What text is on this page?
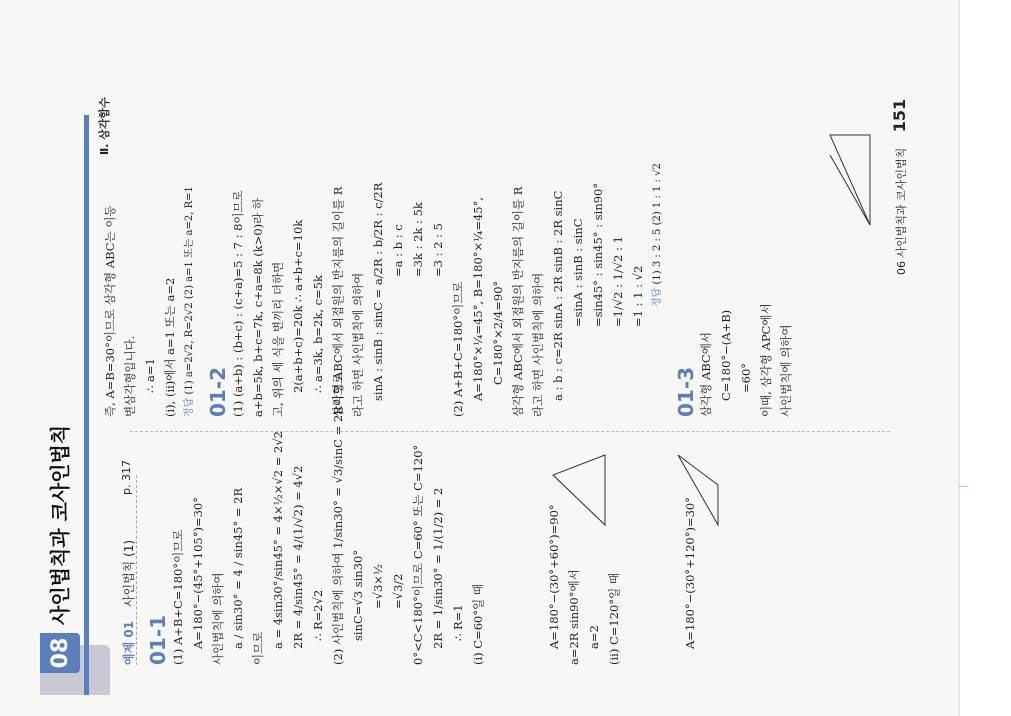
08
사인법칙과 코사인법칙
Ⅱ. 삼각함수
예제 01 사인법칙 (1)
p. 317
01-1 (1) A+B+C=180°이므로 A=180°−(45°+105°)=30° 사인법칙에 의하여 a / sin30° = 4 / sin45° = 2R 이므로 a = 4sin30°/sin45° = 4×½×√2 = 2√2 2R = 4/sin45° = 4/(1/√2) = 4√2 ∴ R=2√2 (2) 사인법칙에 의하여 1/sin30° = √3/sinC = 2R이므로 sinC=√3 sin30° =√3×½ =√3/2 0°<C<180°이므로 C=60° 또는 C=120° 2R = 1/sin30° = 1/(1/2) = 2 ∴ R=1 (i) C=60°일 때	A=180°−(30°+60°)=90° a=2R sin90°에서 a=2 (ii) C=120°일 때	A=180°−(30°+120°)=30°
즉, A=B=30°이므로 삼각형 ABC는 이등 변삼각형입니다. ∴ a=1 (i), (ii)에서 a=1 또는 a=2 정답 (1) a=2√2, R=2√2 (2) a=1 또는 a=2, R=1 01-2 (1) (a+b) : (b+c) : (c+a)=5 : 7 : 8이므로 a+b=5k, b+c=7k, c+a=8k (k>0)라 하 고, 위의 세 식을 변끼리 더하면 2(a+b+c)=20k ∴ a+b+c=10k ∴ a=3k, b=2k, c=5k 삼각형 ABC에서 외접원의 반지름의 길이를 R 라고 하면 사인법칙에 의하여 sinA : sinB : sinC = a/2R : b/2R : c/2R =a : b : c =3k : 2k : 5k =3 : 2 : 5
(2) A+B+C=180°이므로 A=180°×¼=45°, B=180°×¼=45°, C=180°×2/4=90° 삼각형 ABC에서 외접원의 반지름의 길이를 R 라고 하면 사인법칙에 의하여 a : b : c=2R sinA : 2R sinB : 2R sinC =sinA : sinB : sinC =sin45° : sin45° : sin90° =1/√2 : 1/√2 : 1 =1 : 1 : √2 정답 (1) 3 : 2 : 5 (2) 1 : 1 : √2
01-3 삼각형 ABC에서 C=180°−(A+B) =60° 이때, 삼각형 APC에서 사인법칙에 의하여
06 사인법칙과 코사인법칙 151
